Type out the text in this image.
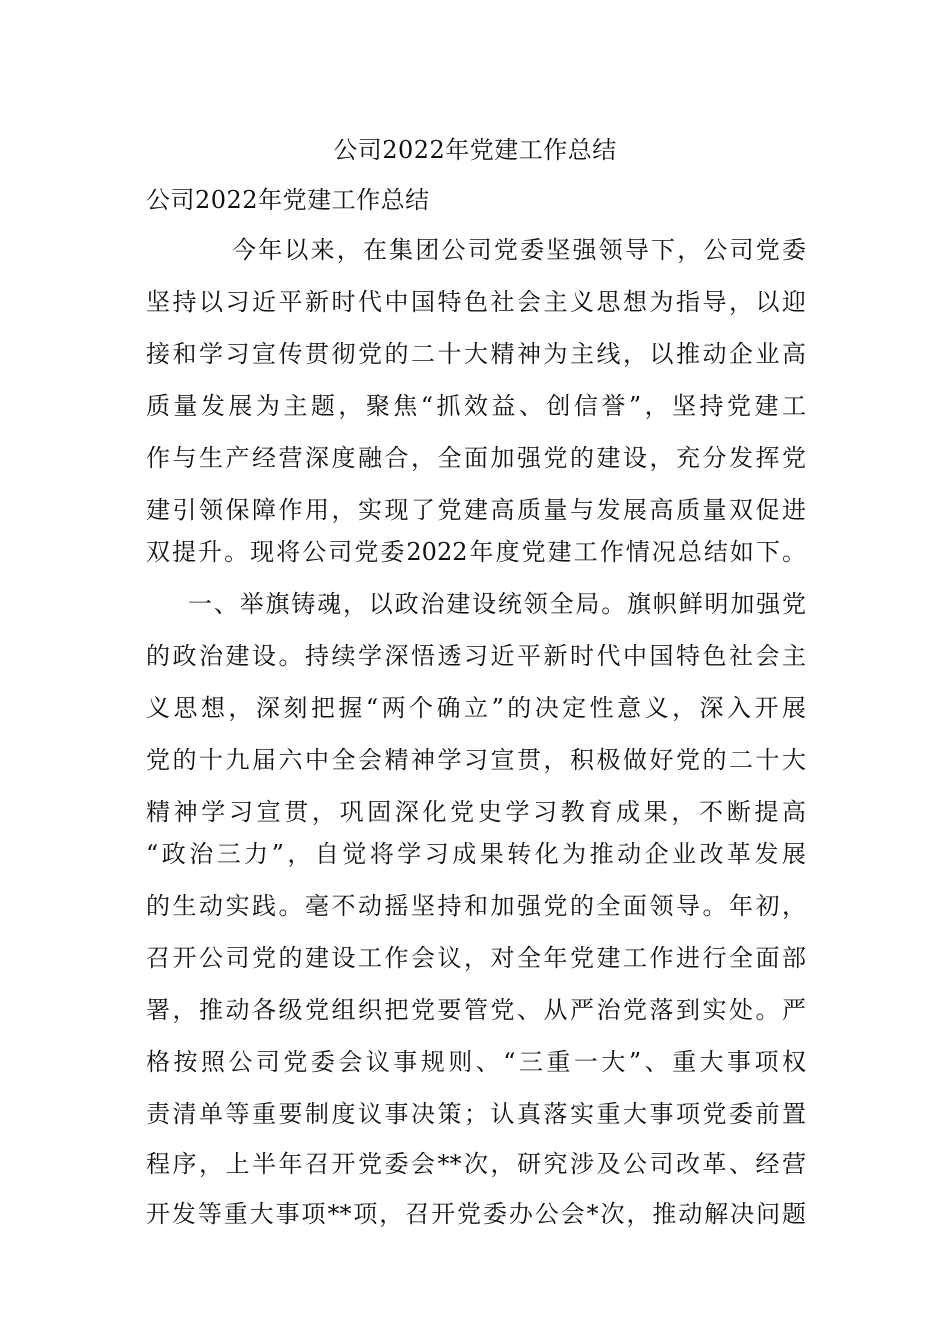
公司2022年党建工作总结
公司2022年党建工作总结
今年以来，在集团公司党委坚强领导下，公司党委
坚持以习近平新时代中国特色社会主义思想为指导，以迎
接和学习宣传贯彻党的二十大精神为主线，以推动企业高
质量发展为主题，聚焦“抓效益、创信誉”，坚持党建工
作与生产经营深度融合，全面加强党的建设，充分发挥党
建引领保障作用，实现了党建高质量与发展高质量双促进
双提升。现将公司党委2022年度党建工作情况总结如下。
一、举旗铸魂，以政治建设统领全局。旗帜鲜明加强党
的政治建设。持续学深悟透习近平新时代中国特色社会主
义思想，深刻把握“两个确立”的决定性意义，深入开展
党的十九届六中全会精神学习宣贯，积极做好党的二十大
精神学习宣贯，巩固深化党史学习教育成果，不断提高
“政治三力”，自觉将学习成果转化为推动企业改革发展
的生动实践。毫不动摇坚持和加强党的全面领导。年初，
召开公司党的建设工作会议，对全年党建工作进行全面部
署，推动各级党组织把党要管党、从严治党落到实处。严
格按照公司党委会议事规则、“三重一大”、重大事项权
责清单等重要制度议事决策；认真落实重大事项党委前置
程序，上半年召开党委会**次，研究涉及公司改革、经营
开发等重大事项**项，召开党委办公会*次，推动解决问题
